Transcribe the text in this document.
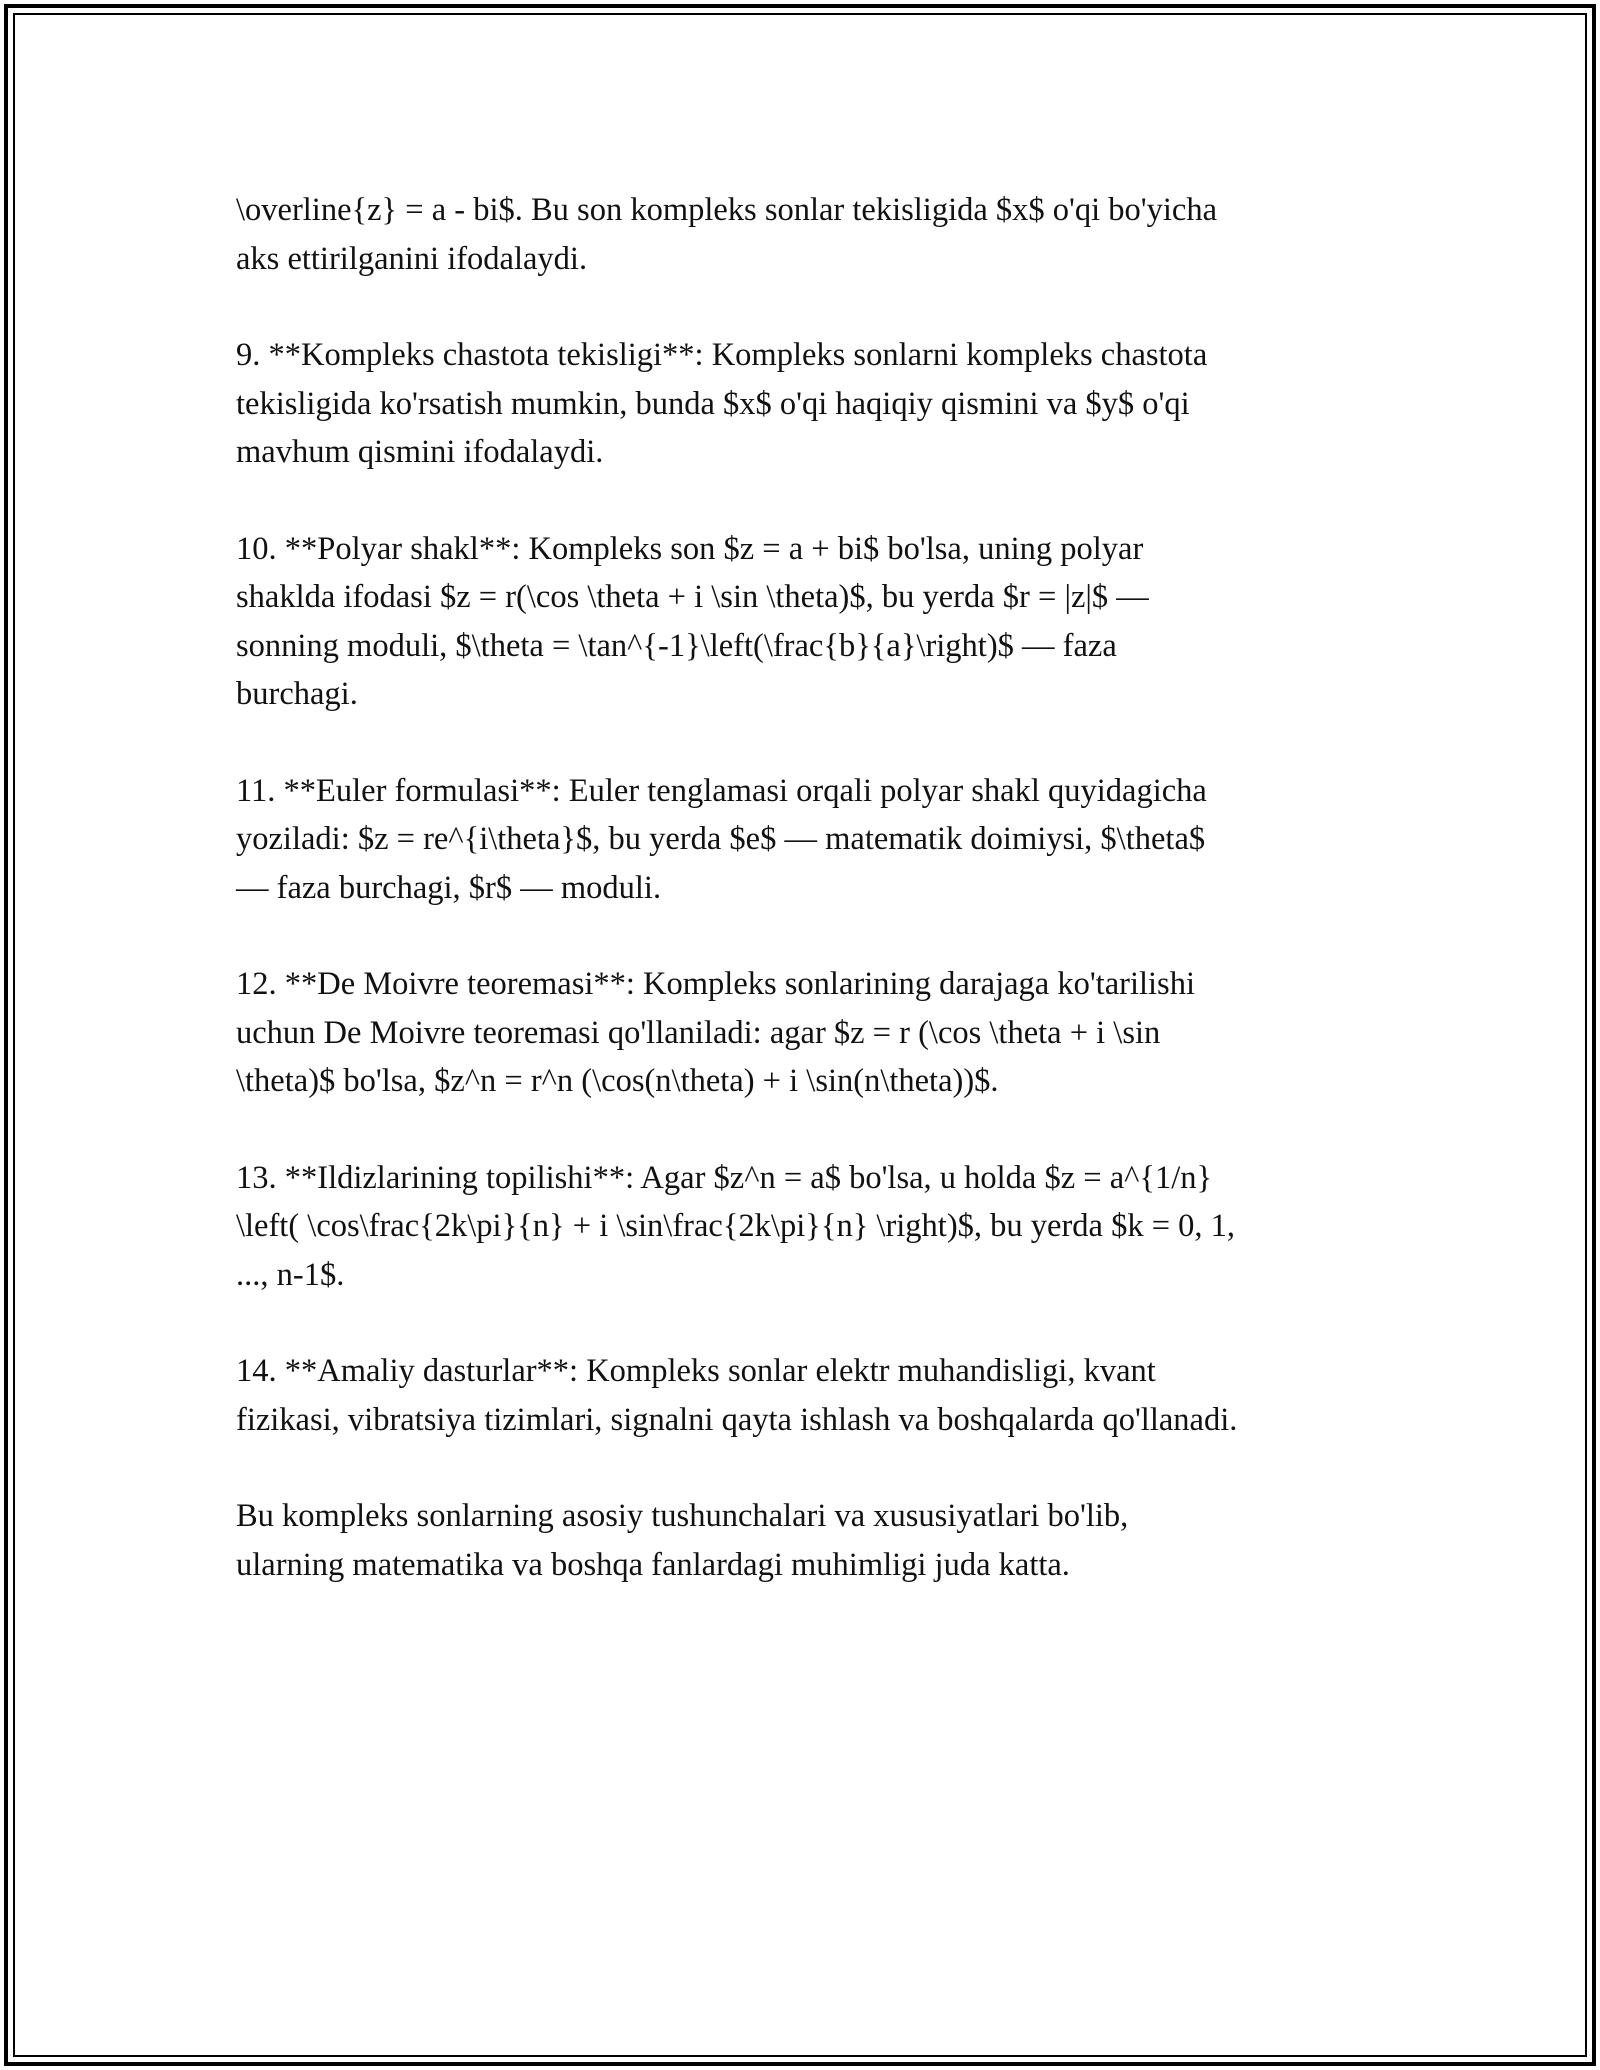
\overline{z} = a - bi$. Bu son kompleks sonlar tekisligida $x$ o'qi bo'yicha
aks ettirilganini ifodalaydi.

9. **Kompleks chastota tekisligi**: Kompleks sonlarni kompleks chastota
tekisligida ko'rsatish mumkin, bunda $x$ o'qi haqiqiy qismini va $y$ o'qi
mavhum qismini ifodalaydi.

10. **Polyar shakl**: Kompleks son $z = a + bi$ bo'lsa, uning polyar
shaklda ifodasi $z = r(\cos \theta + i \sin \theta)$, bu yerda $r = |z|$ —
sonning moduli, $\theta = \tan^{-1}\left(\frac{b}{a}\right)$ — faza
burchagi.

11. **Euler formulasi**: Euler tenglamasi orqali polyar shakl quyidagicha
yoziladi: $z = re^{i\theta}$, bu yerda $e$ — matematik doimiysi, $\theta$
— faza burchagi, $r$ — moduli.

12. **De Moivre teoremasi**: Kompleks sonlarining darajaga ko'tarilishi
uchun De Moivre teoremasi qo'llaniladi: agar $z = r (\cos \theta + i \sin
\theta)$ bo'lsa, $z^n = r^n (\cos(n\theta) + i \sin(n\theta))$.

13. **Ildizlarining topilishi**: Agar $z^n = a$ bo'lsa, u holda $z = a^{1/n}
\left( \cos\frac{2k\pi}{n} + i \sin\frac{2k\pi}{n} \right)$, bu yerda $k = 0, 1,
..., n-1$.

14. **Amaliy dasturlar**: Kompleks sonlar elektr muhandisligi, kvant
fizikasi, vibratsiya tizimlari, signalni qayta ishlash va boshqalarda qo'llanadi.

Bu kompleks sonlarning asosiy tushunchalari va xususiyatlari bo'lib,
ularning matematika va boshqa fanlardagi muhimligi juda katta.
